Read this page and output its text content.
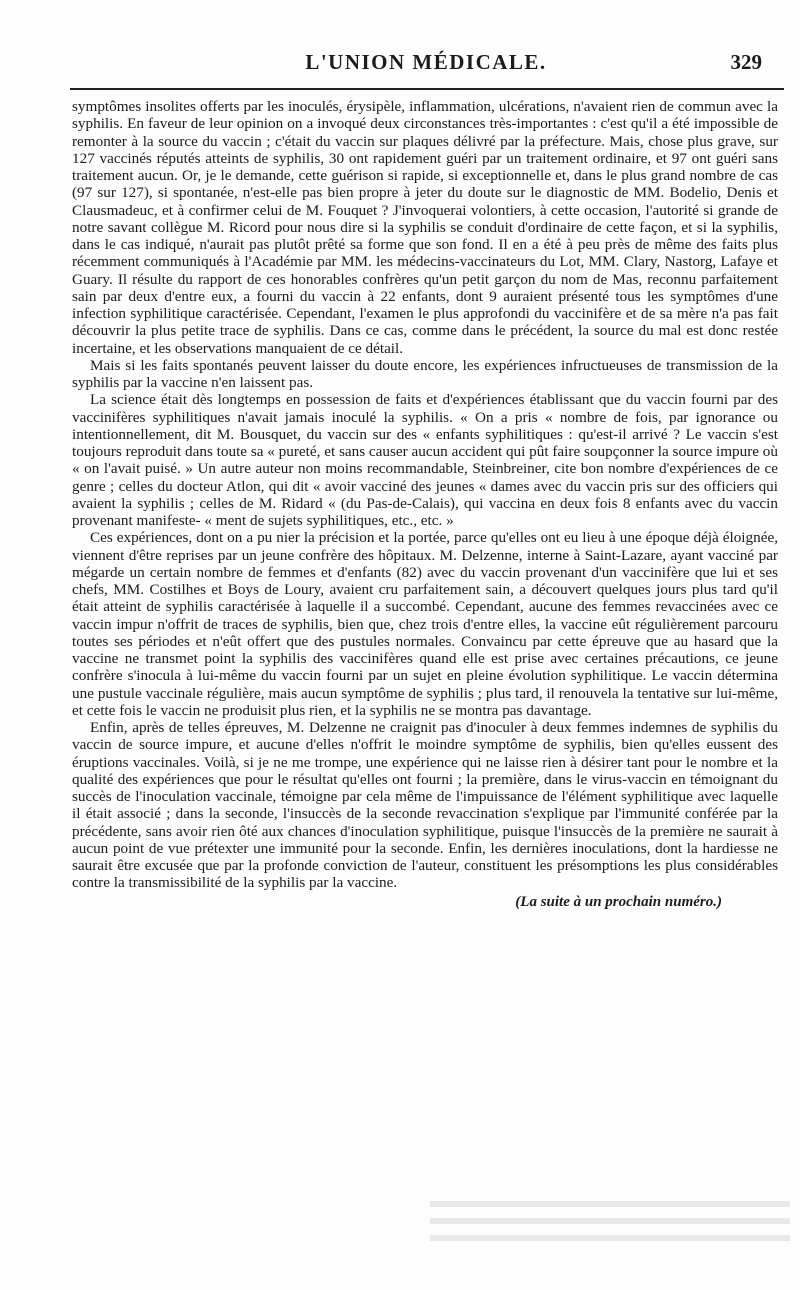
L'UNION MÉDICALE.	329

symptômes insolites offerts par les inoculés, érysipèle, inflammation, ulcérations, n'avaient rien de commun avec la syphilis. En faveur de leur opinion on a invoqué deux circonstances très-importantes : c'est qu'il a été impossible de remonter à la source du vaccin ; c'était du vaccin sur plaques délivré par la préfecture. Mais, chose plus grave, sur 127 vaccinés réputés atteints de syphilis, 30 ont rapidement guéri par un traitement ordinaire, et 97 ont guéri sans traitement aucun. Or, je le demande, cette guérison si rapide, si exceptionnelle et, dans le plus grand nombre de cas (97 sur 127), si spontanée, n'est-elle pas bien propre à jeter du doute sur le diagnostic de MM. Bodelio, Denis et Clausmadeuc, et à confirmer celui de M. Fouquet ? J'invoquerai volontiers, à cette occasion, l'autorité si grande de notre savant collègue M. Ricord pour nous dire si la syphilis se conduit d'ordinaire de cette façon, et si la syphilis, dans le cas indiqué, n'aurait pas plutôt prêté sa forme que son fond. Il en a été à peu près de même des faits plus récemment communiqués à l'Académie par MM. les médecins-vaccinateurs du Lot, MM. Clary, Nastorg, Lafaye et Guary. Il résulte du rapport de ces honorables confrères qu'un petit garçon du nom de Mas, reconnu parfaitement sain par deux d'entre eux, a fourni du vaccin à 22 enfants, dont 9 auraient présenté tous les symptômes d'une infection syphilitique caractérisée. Cependant, l'examen le plus approfondi du vaccinifère et de sa mère n'a pas fait découvrir la plus petite trace de syphilis. Dans ce cas, comme dans le précédent, la source du mal est donc restée incertaine, et les observations manquaient de ce détail.

Mais si les faits spontanés peuvent laisser du doute encore, les expériences infructueuses de transmission de la syphilis par la vaccine n'en laissent pas.

La science était dès longtemps en possession de faits et d'expériences établissant que du vaccin fourni par des vaccinifères syphilitiques n'avait jamais inoculé la syphilis. « On a pris « nombre de fois, par ignorance ou intentionnellement, dit M. Bousquet, du vaccin sur des « enfants syphilitiques : qu'est-il arrivé ? Le vaccin s'est toujours reproduit dans toute sa « pureté, et sans causer aucun accident qui pût faire soupçonner la source impure où « on l'avait puisé. » Un autre auteur non moins recommandable, Steinbreiner, cite bon nombre d'expériences de ce genre ; celles du docteur Atlon, qui dit « avoir vacciné des jeunes « dames avec du vaccin pris sur des officiers qui avaient la syphilis ; celles de M. Ridard « (du Pas-de-Calais), qui vaccina en deux fois 8 enfants avec du vaccin provenant manifeste- « ment de sujets syphilitiques, etc., etc. »

Ces expériences, dont on a pu nier la précision et la portée, parce qu'elles ont eu lieu à une époque déjà éloignée, viennent d'être reprises par un jeune confrère des hôpitaux. M. Delzenne, interne à Saint-Lazare, ayant vacciné par mégarde un certain nombre de femmes et d'enfants (82) avec du vaccin provenant d'un vaccinifère que lui et ses chefs, MM. Costilhes et Boys de Loury, avaient cru parfaitement sain, a découvert quelques jours plus tard qu'il était atteint de syphilis caractérisée à laquelle il a succombé. Cependant, aucune des femmes revaccinées avec ce vaccin impur n'offrit de traces de syphilis, bien que, chez trois d'entre elles, la vaccine eût régulièrement parcouru toutes ses périodes et n'eût offert que des pustules normales. Convaincu par cette épreuve que au hasard que la vaccine ne transmet point la syphilis des vaccinifères quand elle est prise avec certaines précautions, ce jeune confrère s'inocula à lui-même du vaccin fourni par un sujet en pleine évolution syphilitique. Le vaccin détermina une pustule vaccinale régulière, mais aucun symptôme de syphilis ; plus tard, il renouvela la tentative sur lui-même, et cette fois le vaccin ne produisit plus rien, et la syphilis ne se montra pas davantage.

Enfin, après de telles épreuves, M. Delzenne ne craignit pas d'inoculer à deux femmes indemnes de syphilis du vaccin de source impure, et aucune d'elles n'offrit le moindre symptôme de syphilis, bien qu'elles eussent des éruptions vaccinales. Voilà, si je ne me trompe, une expérience qui ne laisse rien à désirer tant pour le nombre et la qualité des expériences que pour le résultat qu'elles ont fourni ; la première, dans le virus-vaccin en témoignant du succès de l'inoculation vaccinale, témoigne par cela même de l'impuissance de l'élément syphilitique avec laquelle il était associé ; dans la seconde, l'insuccès de la seconde revaccination s'explique par l'immunité conférée par la précédente, sans avoir rien ôté aux chances d'inoculation syphilitique, puisque l'insuccès de la première ne saurait à aucun point de vue prétexter une immunité pour la seconde. Enfin, les dernières inoculations, dont la hardiesse ne saurait être excusée que par la profonde conviction de l'auteur, constituent les présomptions les plus considérables contre la transmissibilité de la syphilis par la vaccine.

(La suite à un prochain numéro.)
